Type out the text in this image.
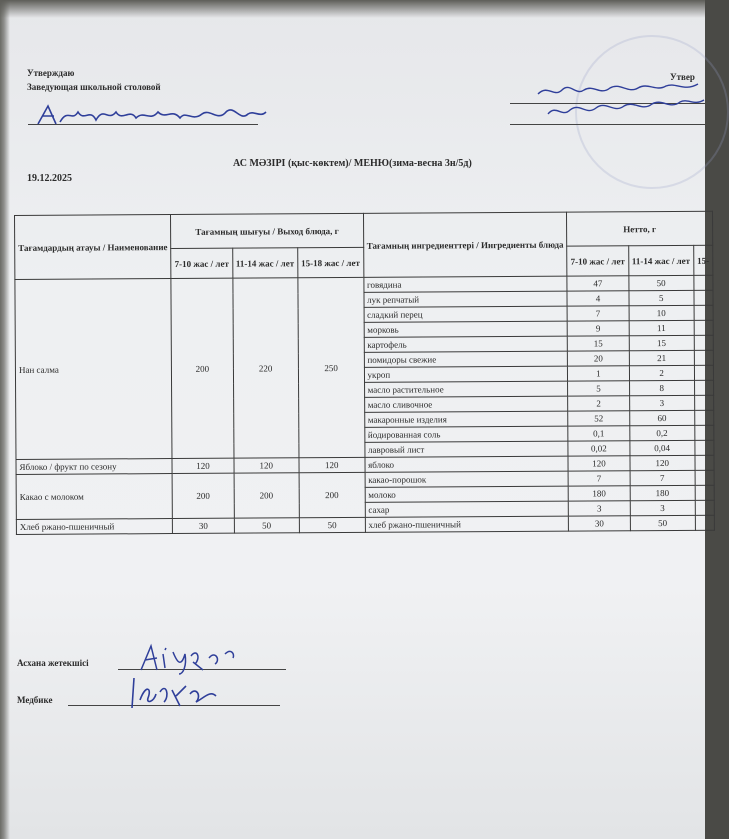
Утверждаю
Заведующая школьной столовой
Утвер
АС МӘЗІРІ (қыс-көктем)/ МЕНЮ(зима-весна 3н/5д)
19.12.2025
Тағамдардың атауы / Наименование	Тағамның шығуы / Выход блюда, г			Тағамның ингредиенттері / Ингредиенты блюда	Нетто, г		
	7-10 жас / лет	11-14 жас / лет	15-18 жас / лет		7-10 жас / лет	11-14 жас / лет	15-
Нан салма	200	220	250	говядина	47	50	
				лук репчатый	4	5	
				сладкий перец	7	10	
				морковь	9	11	
				картофель	15	15	
				помидоры свежие	20	21	
				укроп	1	2	
				масло растительное	5	8	
				масло сливочное	2	3	
				макаронные изделия	52	60	
				йодированная соль	0,1	0,2	
				лавровый лист	0,02	0,04	
Яблоко / фрукт по сезону	120	120	120	яблоко	120	120	
Какао с молоком	200	200	200	какао-порошок	7	7	
				молоко	180	180	
				сахар	3	3	
Хлеб ржано-пшеничный	30	50	50	хлеб ржано-пшеничный	30	50	
Асхана жетекшісі
Медбике
